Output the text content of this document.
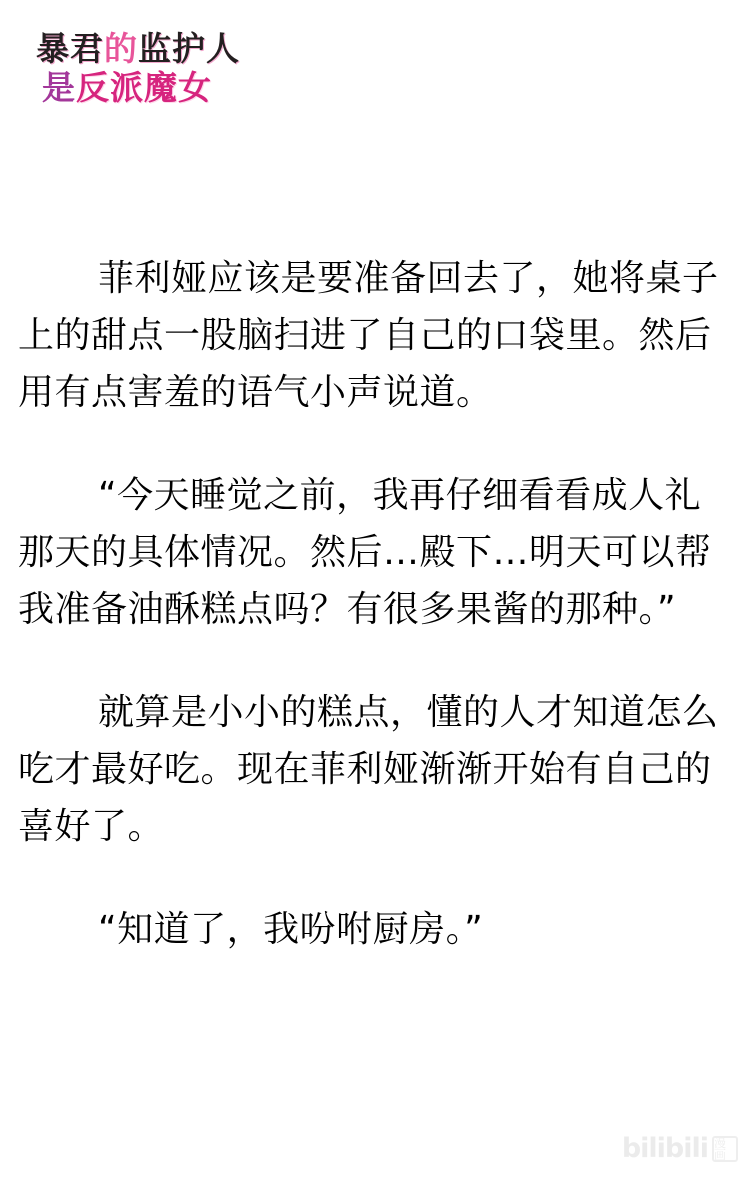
暴君的监护人
是反派魔女

菲利娅应该是要准备回去了，她将桌子上的甜点一股脑扫进了自己的口袋里。然后用有点害羞的语气小声说道。

“今天睡觉之前，我再仔细看看成人礼那天的具体情况。然后…殿下…明天可以帮我准备油酥糕点吗？有很多果酱的那种。”

就算是小小的糕点，懂的人才知道怎么吃才最好吃。现在菲利娅渐渐开始有自己的喜好了。

“知道了，我吩咐厨房。”

bilibili 漫画
